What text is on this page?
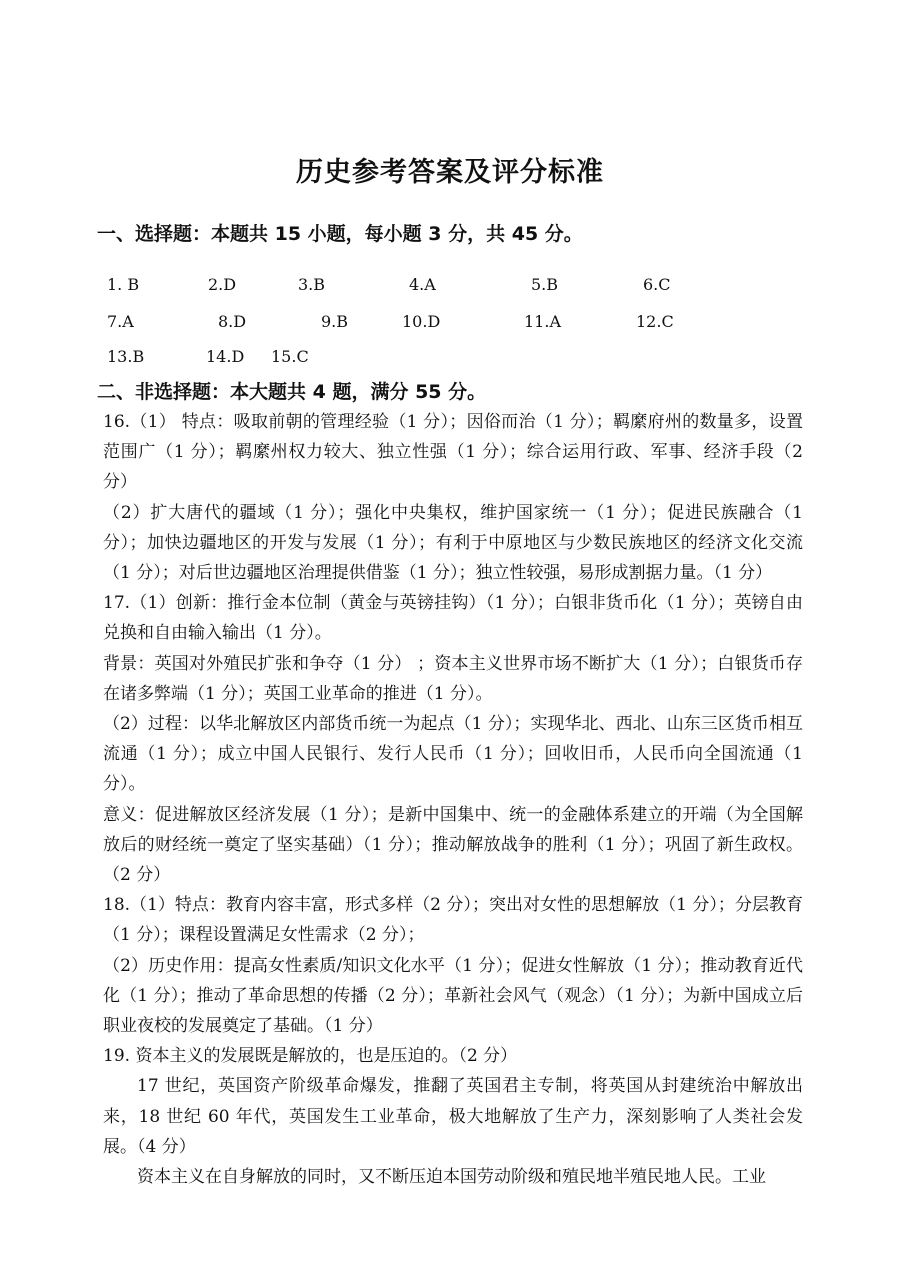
历史参考答案及评分标准
一、选择题：本题共 15 小题，每小题 3 分，共 45 分。
1. B	2.D	3.B	4.A	5.B	6.C
7.A	8.D	9.B	10.D	11.A	12.C
13.B	14.D 15.C
二、非选择题：本大题共 4 题，满分 55 分。

16.（1） 特点：吸取前朝的管理经验（1 分）；因俗而治（1 分）；羁縻府州的数量多，设置范围广（1 分）；羁縻州权力较大、独立性强（1 分）；综合运用行政、军事、经济手段（2 分）

（2）扩大唐代的疆域（1 分）；强化中央集权，维护国家统一（1 分）；促进民族融合（1 分）；加快边疆地区的开发与发展（1 分）；有利于中原地区与少数民族地区的经济文化交流（1 分）；对后世边疆地区治理提供借鉴（1 分）；独立性较强，易形成割据力量。（1 分）

17.（1）创新：推行金本位制（黄金与英镑挂钩）（1 分）；白银非货币化（1 分）；英镑自由兑换和自由输入输出（1 分）。

背景：英国对外殖民扩张和争夺（1 分） ；资本主义世界市场不断扩大（1 分）；白银货币存在诸多弊端（1 分）；英国工业革命的推进（1 分）。

（2）过程：以华北解放区内部货币统一为起点（1 分）；实现华北、西北、山东三区货币相互流通（1 分）；成立中国人民银行、发行人民币（1 分）；回收旧币，人民币向全国流通（1 分）。

意义：促进解放区经济发展（1 分）；是新中国集中、统一的金融体系建立的开端（为全国解放后的财经统一奠定了坚实基础）（1 分）；推动解放战争的胜利（1 分）；巩固了新生政权。（2 分）

18.（1）特点：教育内容丰富，形式多样（2 分）；突出对女性的思想解放（1 分）；分层教育（1 分）；课程设置满足女性需求（2 分）；

（2）历史作用：提高女性素质/知识文化水平（1 分）；促进女性解放（1 分）；推动教育近代化（1 分）；推动了革命思想的传播（2 分）；革新社会风气（观念）（1 分）；为新中国成立后职业夜校的发展奠定了基础。（1 分）

19. 资本主义的发展既是解放的，也是压迫的。（2 分）

17 世纪，英国资产阶级革命爆发，推翻了英国君主专制，将英国从封建统治中解放出来，18 世纪 60 年代，英国发生工业革命，极大地解放了生产力，深刻影响了人类社会发展。（4 分）

资本主义在自身解放的同时，又不断压迫本国劳动阶级和殖民地半殖民地人民。工业
